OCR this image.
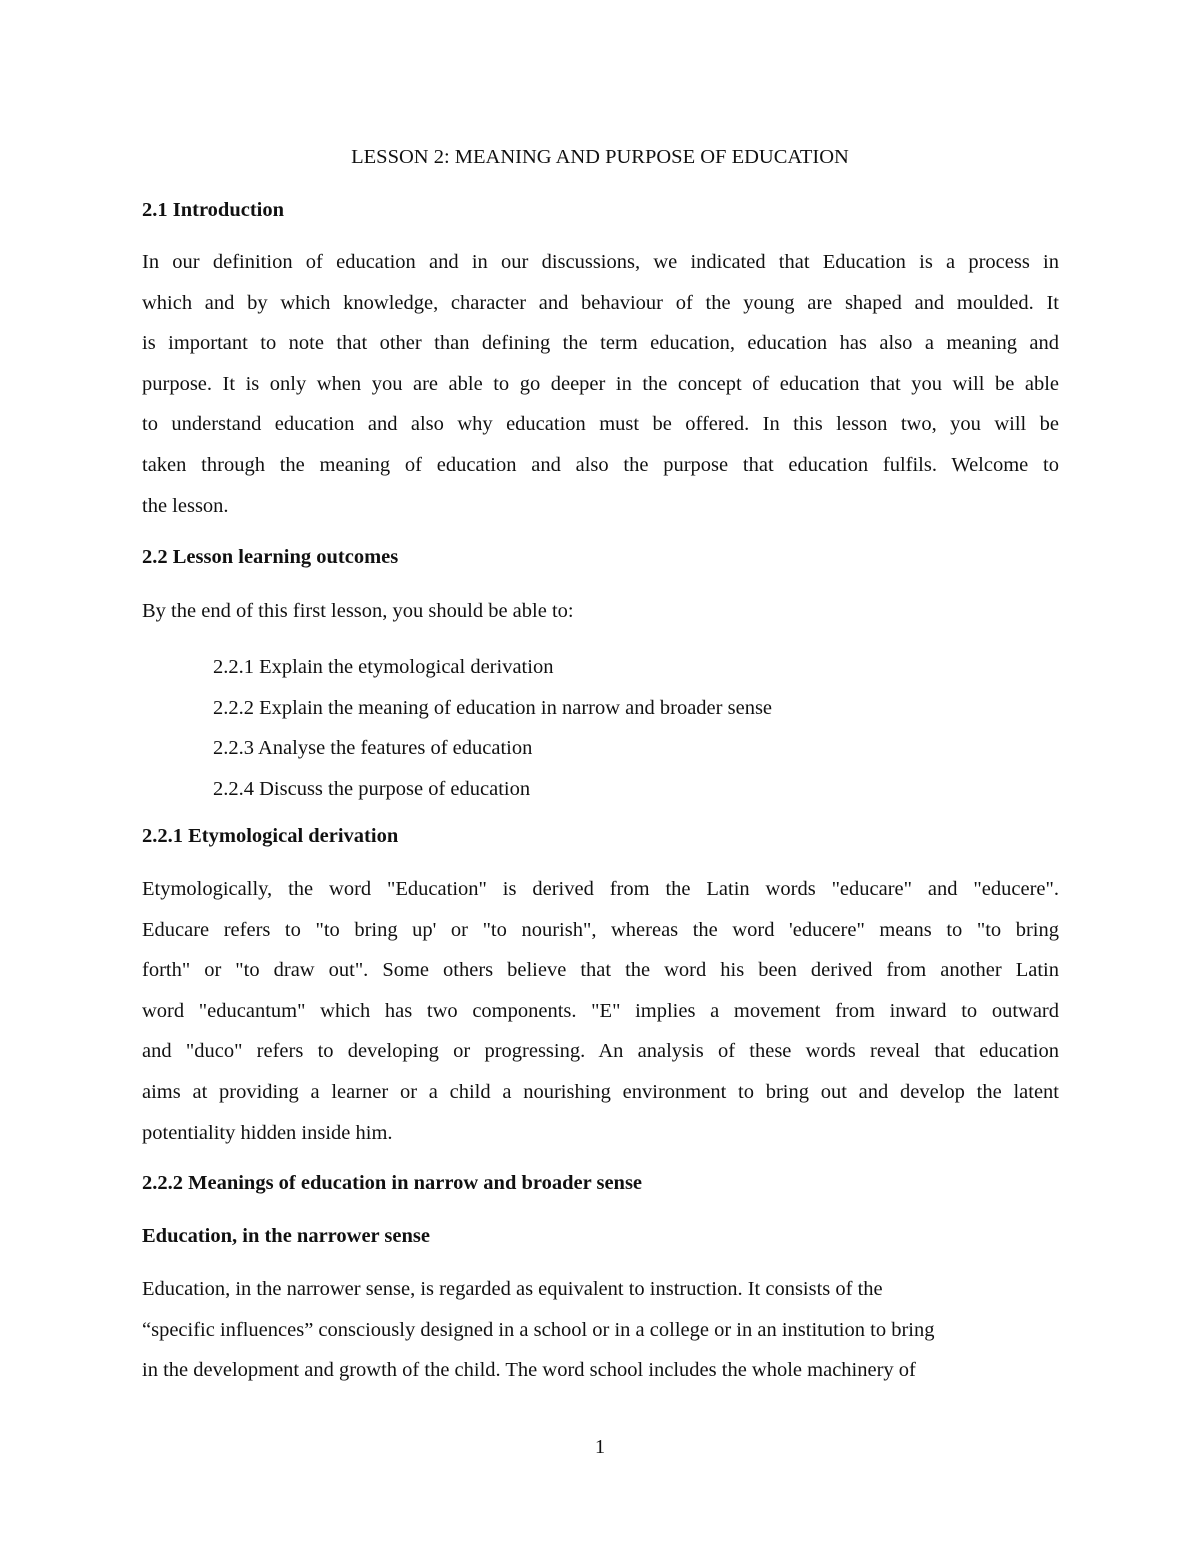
LESSON 2: MEANING AND PURPOSE OF EDUCATION
2.1 Introduction
In our definition of education and in our discussions, we indicated that Education is a process in
which and by which knowledge, character and behaviour of the young are shaped and moulded. It
is important to note that other than defining the term education, education has also a meaning and
purpose. It is only when you are able to go deeper in the concept of education that you will be able
to understand education and also why education must be offered. In this lesson two, you will be
taken through the meaning of education and also the purpose that education fulfils. Welcome to
the lesson.
2.2 Lesson learning outcomes

By the end of this first lesson, you should be able to:

2.2.1 Explain the etymological derivation
2.2.2 Explain the meaning of education in narrow and broader sense
2.2.3 Analyse the features of education
2.2.4 Discuss the purpose of education
2.2.1 Etymological derivation
Etymologically, the word "Education" is derived from the Latin words "educare" and "educere".
Educare refers to "to bring up' or "to nourish", whereas the word 'educere" means to "to bring
forth" or "to draw out". Some others believe that the word his been derived from another Latin
word "educantum" which has two components. "E" implies a movement from inward to outward
and "duco" refers to developing or progressing. An analysis of these words reveal that education
aims at providing a learner or a child a nourishing environment to bring out and develop the latent
potentiality hidden inside him.
2.2.2 Meanings of education in narrow and broader sense
Education, in the narrower sense
Education, in the narrower sense, is regarded as equivalent to instruction. It consists of the
“specific influences” consciously designed in a school or in a college or in an institution to bring
in the development and growth of the child. The word school includes the whole machinery of
1
